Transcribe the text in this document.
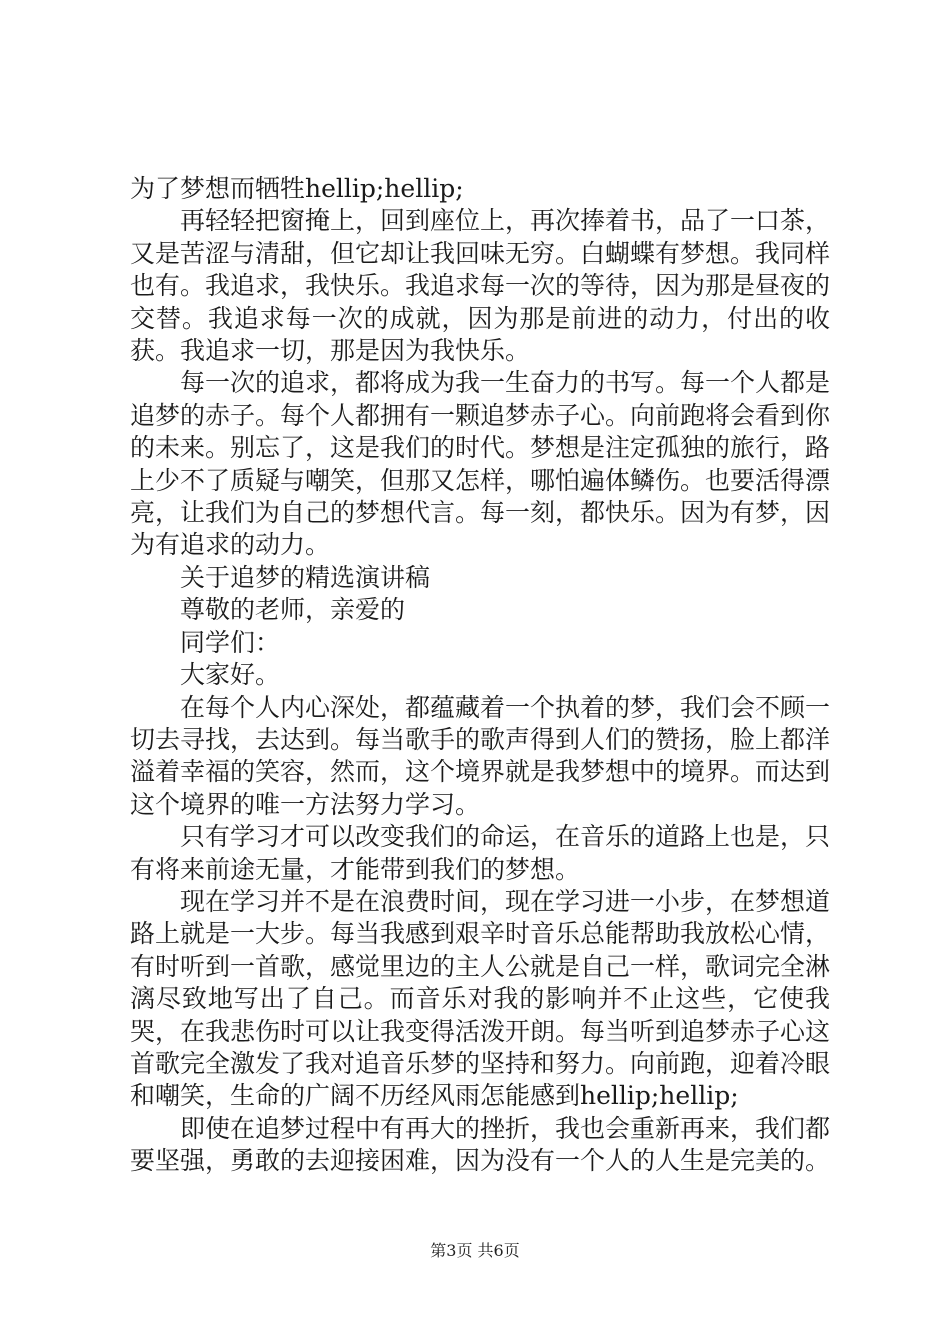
为了梦想而牺牲hellip;hellip;

再轻轻把窗掩上，回到座位上，再次捧着书，品了一口茶，又是苦涩与清甜，但它却让我回味无穷。白蝴蝶有梦想。我同样也有。我追求，我快乐。我追求每一次的等待，因为那是昼夜的交替。我追求每一次的成就，因为那是前进的动力，付出的收获。我追求一切，那是因为我快乐。

每一次的追求，都将成为我一生奋力的书写。每一个人都是追梦的赤子。每个人都拥有一颗追梦赤子心。向前跑将会看到你的未来。别忘了，这是我们的时代。梦想是注定孤独的旅行，路上少不了质疑与嘲笑，但那又怎样，哪怕遍体鳞伤。也要活得漂亮，让我们为自己的梦想代言。每一刻，都快乐。因为有梦，因为有追求的动力。

关于追梦的精选演讲稿

尊敬的老师，亲爱的

同学们：

大家好。

在每个人内心深处，都蕴藏着一个执着的梦，我们会不顾一切去寻找，去达到。每当歌手的歌声得到人们的赞扬，脸上都洋溢着幸福的笑容，然而，这个境界就是我梦想中的境界。而达到这个境界的唯一方法努力学习。

只有学习才可以改变我们的命运，在音乐的道路上也是，只有将来前途无量，才能带到我们的梦想。

现在学习并不是在浪费时间，现在学习进一小步，在梦想道路上就是一大步。每当我感到艰辛时音乐总能帮助我放松心情，有时听到一首歌，感觉里边的主人公就是自己一样，歌词完全淋漓尽致地写出了自己。而音乐对我的影响并不止这些，它使我哭，在我悲伤时可以让我变得活泼开朗。每当听到追梦赤子心这首歌完全激发了我对追音乐梦的坚持和努力。向前跑，迎着冷眼和嘲笑，生命的广阔不历经风雨怎能感到hellip;hellip;

即使在追梦过程中有再大的挫折，我也会重新再来，我们都要坚强，勇敢的去迎接困难，因为没有一个人的人生是完美的。

第3页 共6页
